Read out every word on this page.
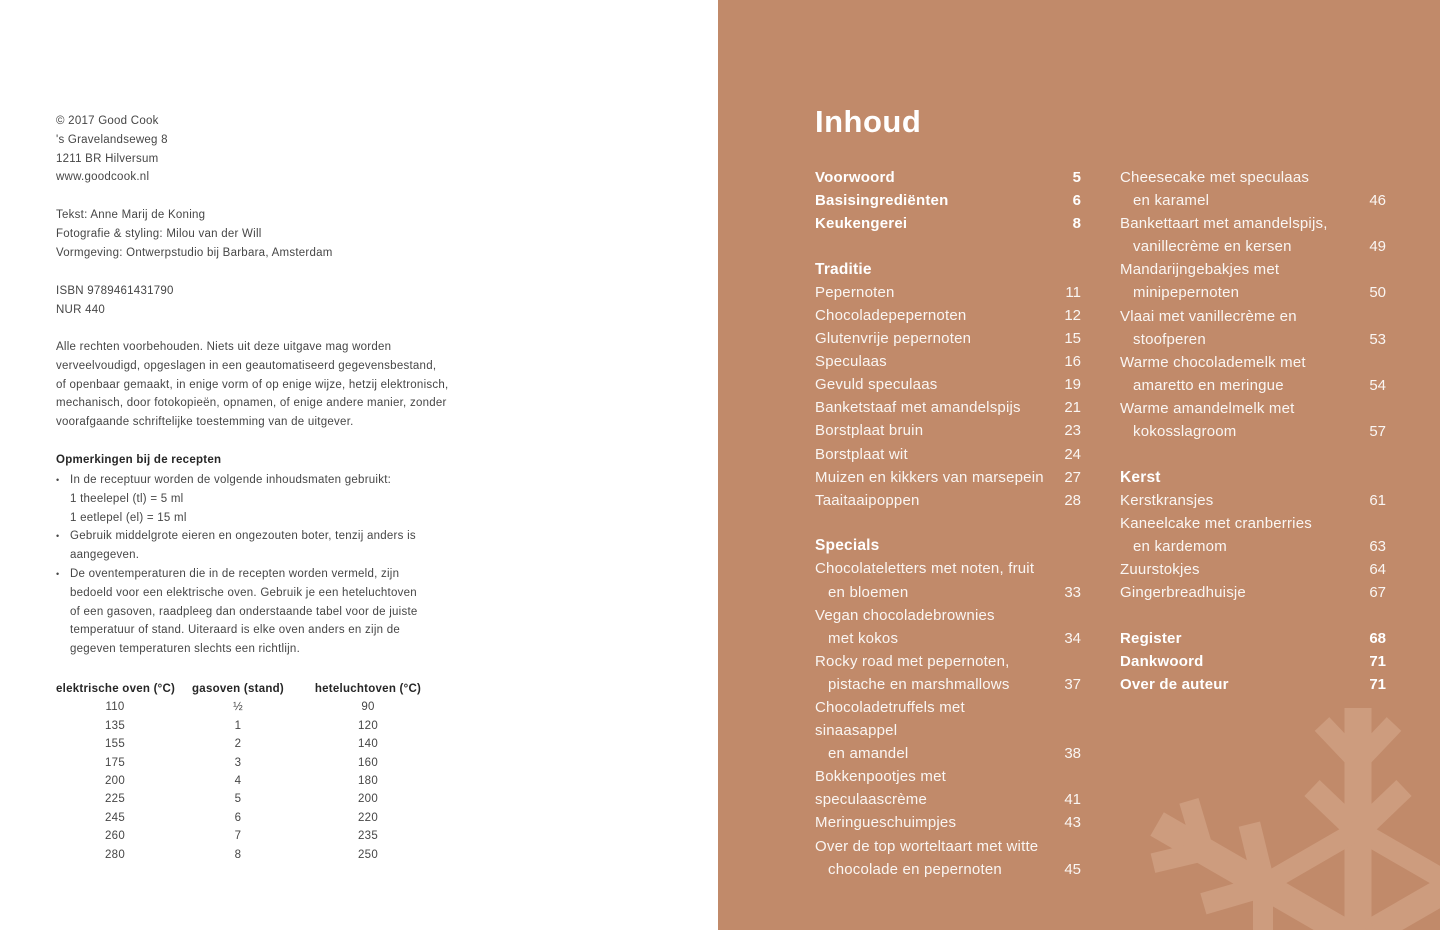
© 2017 Good Cook
's Gravelandseweg 8
1211 BR Hilversum
www.goodcook.nl
Tekst: Anne Marij de Koning
Fotografie & styling: Milou van der Will
Vormgeving: Ontwerpstudio bij Barbara, Amsterdam
ISBN 9789461431790
NUR 440
Alle rechten voorbehouden. Niets uit deze uitgave mag worden
verveelvoudigd, opgeslagen in een geautomatiseerd gegevensbestand,
of openbaar gemaakt, in enige vorm of op enige wijze, hetzij elektronisch,
mechanisch, door fotokopieën, opnamen, of enige andere manier, zonder
voorafgaande schriftelijke toestemming van de uitgever.
Opmerkingen bij de recepten
• In de receptuur worden de volgende inhoudsmaten gebruikt:
1 theelepel (tl) = 5 ml
1 eetlepel (el) = 15 ml
• Gebruik middelgrote eieren en ongezouten boter, tenzij anders is
aangegeven.
• De oventemperaturen die in de recepten worden vermeld, zijn
bedoeld voor een elektrische oven. Gebruik je een heteluchtoven
of een gasoven, raadpleeg dan onderstaande tabel voor de juiste
temperatuur of stand. Uiteraard is elke oven anders en zijn de
gegeven temperaturen slechts een richtlijn.
elektrische oven (°C)	gasoven (stand)	heteluchtoven (°C)
110	½	90
135	1	120
155	2	140
175	3	160
200	4	180
225	5	200
245	6	220
260	7	235
280	8	250
Inhoud
Voorwoord	5
Basisingrediënten	6
Keukengerei	8
Traditie
Pepernoten	11
Chocoladepepernoten	12
Glutenvrije pepernoten	15
Speculaas	16
Gevuld speculaas	19
Banketstaaf met amandelspijs	21
Borstplaat bruin	23
Borstplaat wit	24
Muizen en kikkers van marsepein	27
Taaitaaipoppen	28
Specials
Chocolateletters met noten, fruit
en bloemen	33
Vegan chocoladebrownies
met kokos	34
Rocky road met pepernoten,
pistache en marshmallows	37
Chocoladetruffels met sinaasappel
en amandel	38
Bokkenpootjes met speculaascrème	41
Meringueschuimpjes	43
Over de top worteltaart met witte
chocolade en pepernoten	45
Cheesecake met speculaas
en karamel	46
Bankettaart met amandelspijs,
vanillecrème en kersen	49
Mandarijngebakjes met
minipepernoten	50
Vlaai met vanillecrème en
stoofperen	53
Warme chocolademelk met
amaretto en meringue	54
Warme amandelmelk met
kokosslagroom	57
Kerst
Kerstkransjes	61
Kaneelcake met cranberries
en kardemom	63
Zuurstokjes	64
Gingerbreadhuisje	67
Register	68
Dankwoord	71
Over de auteur	71
